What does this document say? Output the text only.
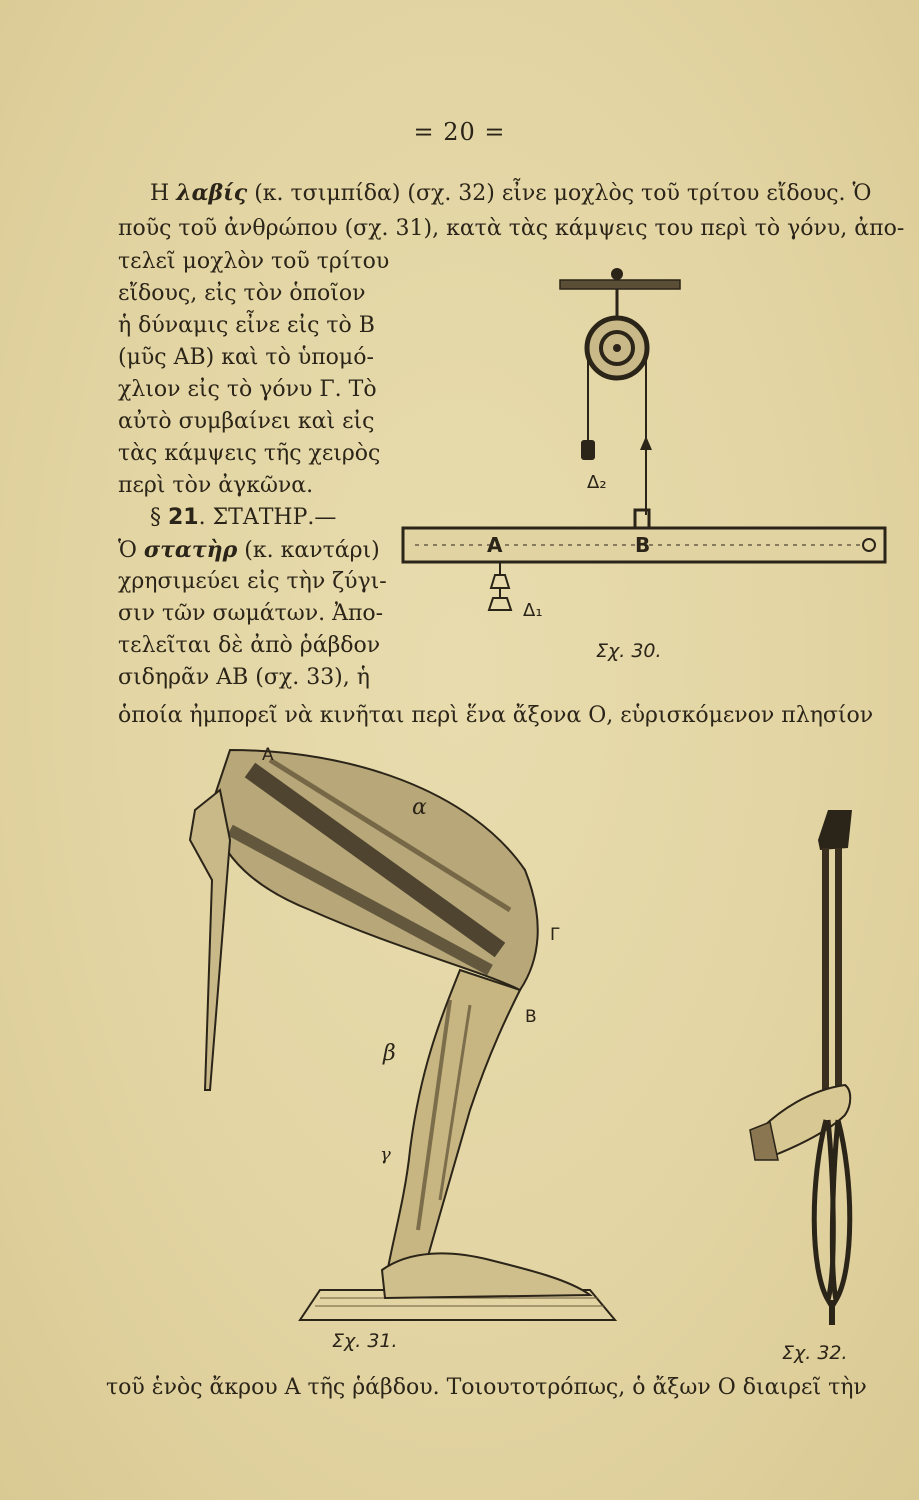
= 20 =
Η λαβίς (κ. τσιμπίδα) (σχ. 32) εἶνε μοχλὸς τοῦ τρίτου εἴδους. Ὁ
ποῦς τοῦ ἀνθρώπου (σχ. 31), κατὰ τὰς κάμψεις του περὶ τὸ γόνυ, ἀπο-
τελεῖ μοχλὸν τοῦ τρίτου
εἴδους, εἰς τὸν ὁποῖον
ἡ δύναμις εἶνε εἰς τὸ Β
(μῦς ΑΒ) καὶ τὸ ὑπομό-
χλιον εἰς τὸ γόνυ Γ. Τὸ
αὐτὸ συμβαίνει καὶ εἰς
τὰς κάμψεις τῆς χειρὸς
περὶ τὸν ἀγκῶνα.
§ 21. ΣΤΑΤΗΡ.—
Ὁ στατὴρ (κ. καντάρι)
χρησιμεύει εἰς τὴν ζύγι-
σιν τῶν σωμάτων. Ἀπο-
τελεῖται δὲ ἀπὸ ῥάβδον
σιδηρᾶν ΑΒ (σχ. 33), ἡ
ὁποία ἠμπορεῖ νὰ κινῆται περὶ ἕνα ἄξονα Ο, εὑρισκόμενον πλησίον
Δ₂
A	B
Δ₁
Σχ. 30.
A
α
Γ
B
β
γ
Σχ. 31.
Σχ. 32.
τοῦ ἑνὸς ἄκρου Α τῆς ῥάβδου. Τοιουτοτρόπως, ὁ ἄξων Ο διαιρεῖ τὴν
